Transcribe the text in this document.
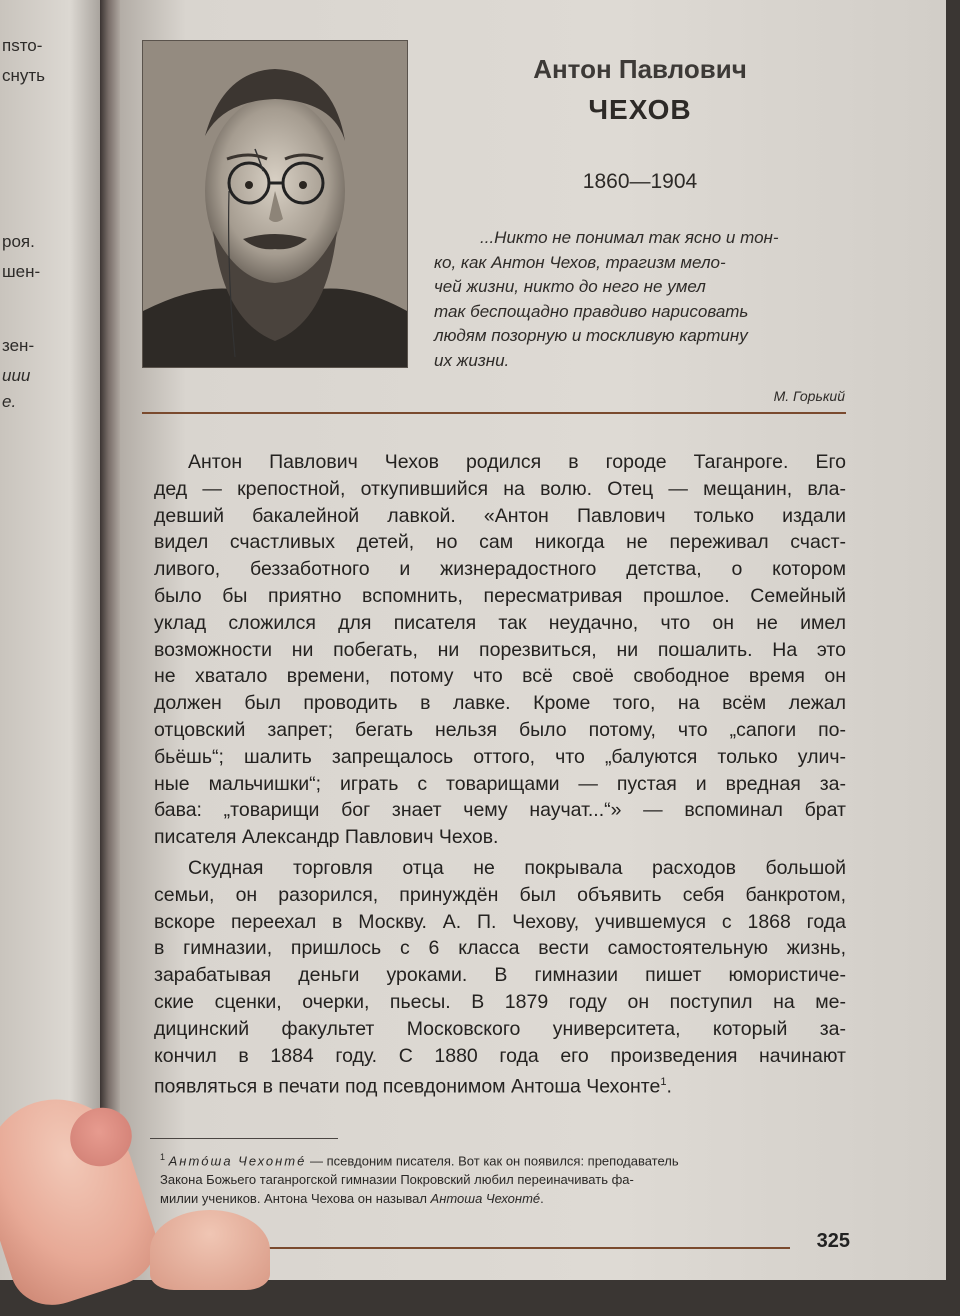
пsто-
снуть
роя.
шен-
зен-
иии
е.
Антон Павлович
ЧЕХОВ
1860—1904
...Никто не понимал так ясно и тон-
ко, как Антон Чехов, трагизм мело-
чей жизни, никто до него не умел
так беспощадно правдиво нарисовать
людям позорную и тоскливую картину
их жизни.
М. Горький
Антон Павлович Чехов родился в городе Таганроге. Его
дед — крепостной, откупившийся на волю. Отец — мещанин, вла-
девший бакалейной лавкой. «Антон Павлович только издали
видел счастливых детей, но сам никогда не переживал счаст-
ливого, беззаботного и жизнерадостного детства, о котором
было бы приятно вспомнить, пересматривая прошлое. Семейный
уклад сложился для писателя так неудачно, что он не имел
возможности ни побегать, ни порезвиться, ни пошалить. На это
не хватало времени, потому что всё своё свободное время он
должен был проводить в лавке. Кроме того, на всём лежал
отцовский запрет; бегать нельзя было потому, что „сапоги по-
бьёшь“; шалить запрещалось оттого, что „балуются только улич-
ные мальчишки“; играть с товарищами — пустая и вредная за-
бава: „товарищи бог знает чему научат...“» — вспоминал брат
писателя Александр Павлович Чехов.
Скудная торговля отца не покрывала расходов большой
семьи, он разорился, принуждён был объявить себя банкротом,
вскоре переехал в Москву. А. П. Чехову, учившемуся с 1868 года
в гимназии, пришлось с 6 класса вести самостоятельную жизнь,
зарабатывая деньги уроками. В гимназии пишет юмористиче-
ские сценки, очерки, пьесы. В 1879 году он поступил на ме-
дицинский факультет Московского университета, который за-
кончил в 1884 году. С 1880 года его произведения начинают
появляться в печати под псевдонимом Антоша Чехонте$^1$.
$^1$ Антóша Чехонтé — псевдоним писателя. Вот как он появился: преподаватель
Закона Божьего таганрогской гимназии Покровский любил переиначивать фа-
милии учеников. Антона Чехова он называл Антоша Чехонтé.
325
